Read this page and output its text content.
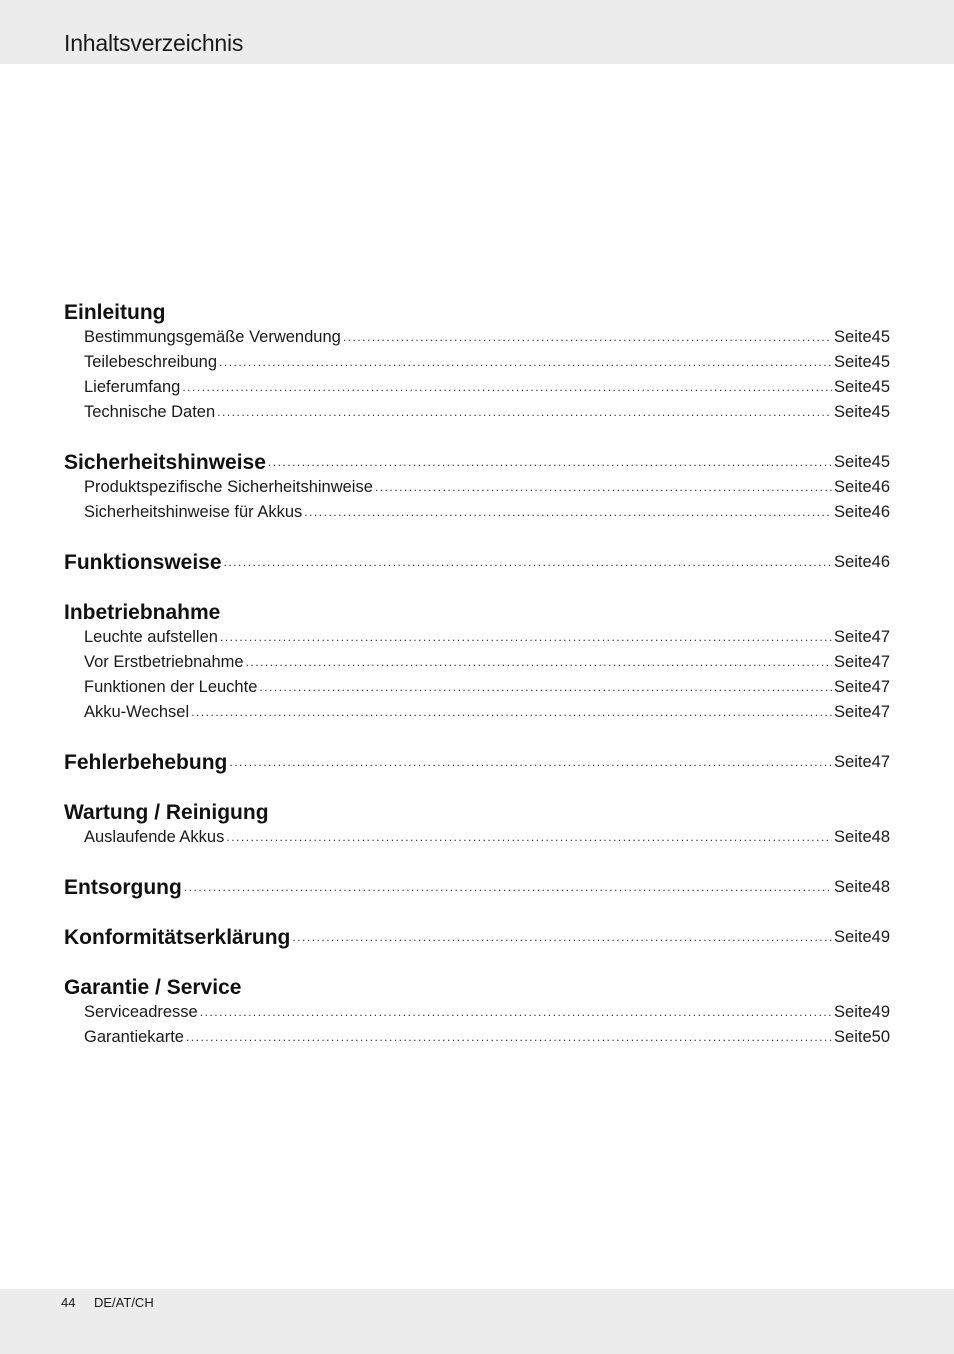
Inhaltsverzeichnis
Einleitung
Bestimmungsgemäße Verwendung .....	Seite 45
Teilebeschreibung .....	Seite 45
Lieferumfang .....	Seite 45
Technische Daten .....	Seite 45
Sicherheitshinweise .....	Seite 45
Produktspezifische Sicherheitshinweise .....	Seite 46
Sicherheitshinweise für Akkus .....	Seite 46
Funktionsweise .....	Seite 46
Inbetriebnahme
Leuchte aufstellen .....	Seite 47
Vor Erstbetriebnahme .....	Seite 47
Funktionen der Leuchte .....	Seite 47
Akku-Wechsel .....	Seite 47
Fehlerbehebung .....	Seite 47
Wartung / Reinigung
Auslaufende Akkus .....	Seite 48
Entsorgung .....	Seite 48
Konformitätserklärung .....	Seite 49
Garantie / Service
Serviceadresse .....	Seite 49
Garantiekarte .....	Seite 50
44 DE/AT/CH
